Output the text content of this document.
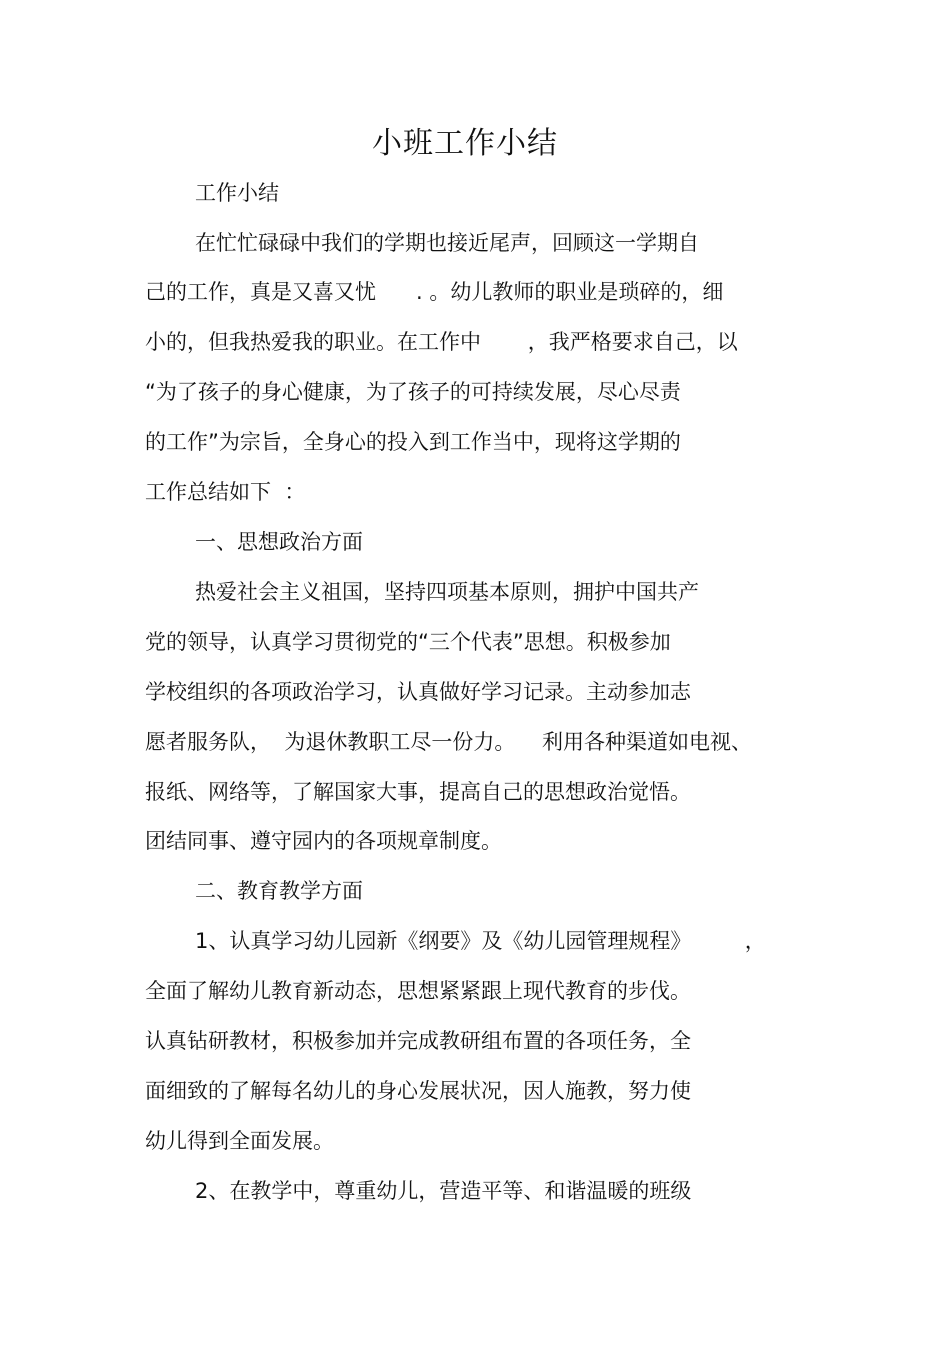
小班工作小结
工作小结
在忙忙碌碌中我们的学期也接近尾声，回顾这一学期自
己的工作，真是又喜又忧      . 。幼儿教师的职业是琐碎的，细
小的，但我热爱我的职业。在工作中       ，我严格要求自己，以
“为了孩子的身心健康，为了孩子的可持续发展，尽心尽责
的工作”为宗旨，全身心的投入到工作当中，现将这学期的
工作总结如下  ：
一、思想政治方面
热爱社会主义祖国，坚持四项基本原则，拥护中国共产
党的领导，认真学习贯彻党的“三个代表”思想。积极参加
学校组织的各项政治学习，认真做好学习记录。主动参加志
愿者服务队，  为退休教职工尽一份力。    利用各种渠道如电视、
报纸、网络等，了解国家大事，提高自己的思想政治觉悟。
团结同事、遵守园内的各项规章制度。
二、教育教学方面
1、认真学习幼儿园新《纲要》及《幼儿园管理规程》        ，
全面了解幼儿教育新动态，思想紧紧跟上现代教育的步伐。
认真钻研教材，积极参加并完成教研组布置的各项任务，全
面细致的了解每名幼儿的身心发展状况，因人施教，努力使
幼儿得到全面发展。
2、在教学中，尊重幼儿，营造平等、和谐温暖的班级
